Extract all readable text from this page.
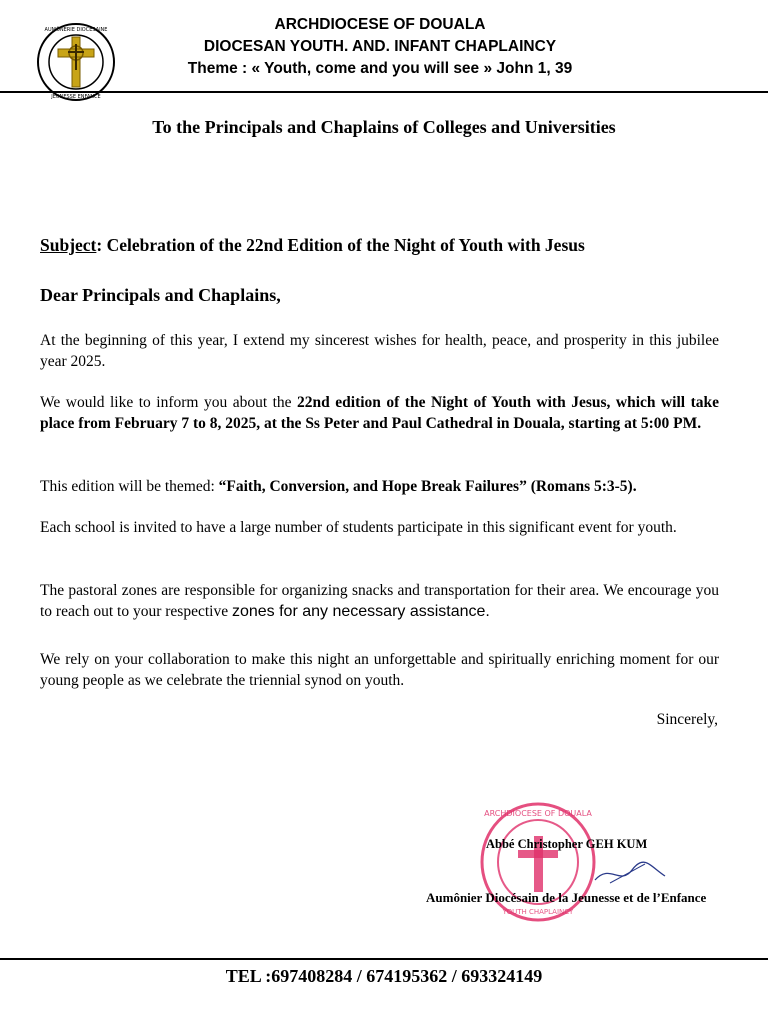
AUMÔNERIE DIOCÉSAINE
JEUNESSE ENFANCE
ARCHDIOCESE OF DOUALA
DIOCESAN YOUTH. AND. INFANT CHAPLAINCY
Theme : « Youth, come and you will see » John 1, 39
To the Principals and Chaplains of Colleges and Universities
Subject: Celebration of the 22nd Edition of the Night of Youth with Jesus
Dear Principals and Chaplains,
At the beginning of this year, I extend my sincerest wishes for health, peace, and prosperity in this jubilee year 2025.
We would like to inform you about the 22nd edition of the Night of Youth with Jesus, which will take place from February 7 to 8, 2025, at the Ss Peter and Paul Cathedral in Douala, starting at 5:00 PM.
This edition will be themed: “Faith, Conversion, and Hope Break Failures” (Romans 5:3-5).
Each school is invited to have a large number of students participate in this significant event for youth.
The pastoral zones are responsible for organizing snacks and transportation for their area. We encourage you to reach out to your respective zones for any necessary assistance.
We rely on your collaboration to make this night an unforgettable and spiritually enriching moment for our young people as we celebrate the triennial synod on youth.
Sincerely,
ARCHDIOCESE OF DOUALA
YOUTH CHAPLAINCY
Abbé Christopher GEH KUM
Aumônier Diocésain de la Jeunesse et de l’Enfance
TEL :697408284 / 674195362 / 693324149
